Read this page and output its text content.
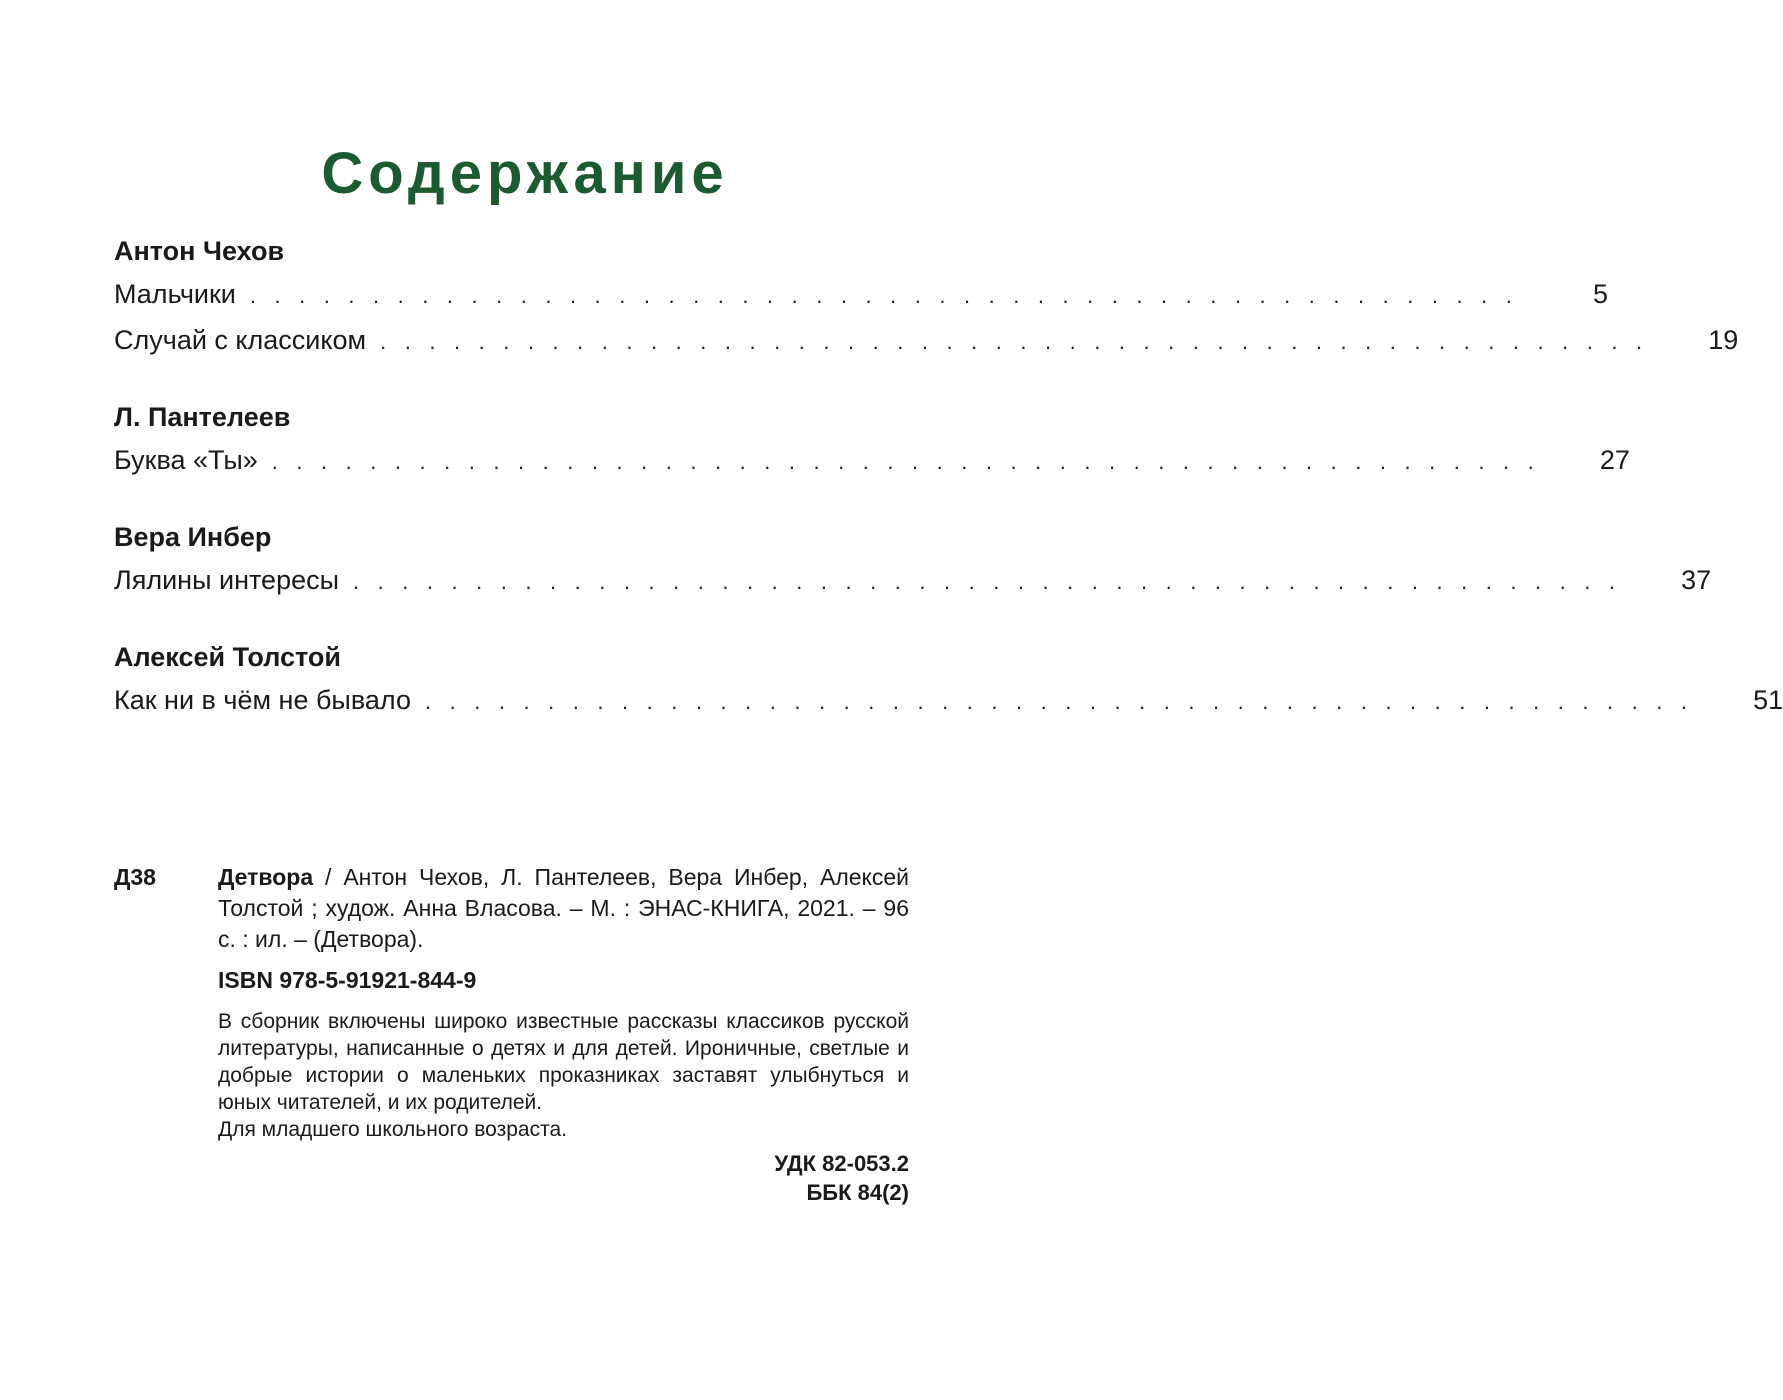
Содержание
Антон Чехов
Мальчики . . . . . . . . . . . . . . . . . . . . . . . . . . . . . . . . . . . . . . . . . . . . . . . . . . . .	5
Случай с классиком . . . . . . . . . . . . . . . . . . . . . . . . . . . . . . . . . . . . . . . . . . . . . . . . . . . .	19
Л. Пантелеев
Буква «Ты» . . . . . . . . . . . . . . . . . . . . . . . . . . . . . . . . . . . . . . . . . . . . . . . . . . . .	27
Вера Инбер
Лялины интересы . . . . . . . . . . . . . . . . . . . . . . . . . . . . . . . . . . . . . . . . . . . . . . . . . . . .	37
Алексей Толстой
Как ни в чём не бывало . . . . . . . . . . . . . . . . . . . . . . . . . . . . . . . . . . . . . . . . . . . . . . . . . . . .	51
Д38	Детвора / Антон Чехов, Л. Пантелеев, Вера Инбер, Алексей Толстой ; худож. Анна Власова. – М. : ЭНАС-КНИГА, 2021. – 96 с. : ил. – (Детвора).
ISBN 978-5-91921-844-9
В сборник включены широко известные рассказы классиков русской литературы, написанные о детях и для детей. Ироничные, светлые и добрые истории о маленьких проказниках заставят улыбнуться и юных читателей, и их родителей.
Для младшего школьного возраста.
УДК 82-053.2
ББК 84(2)
